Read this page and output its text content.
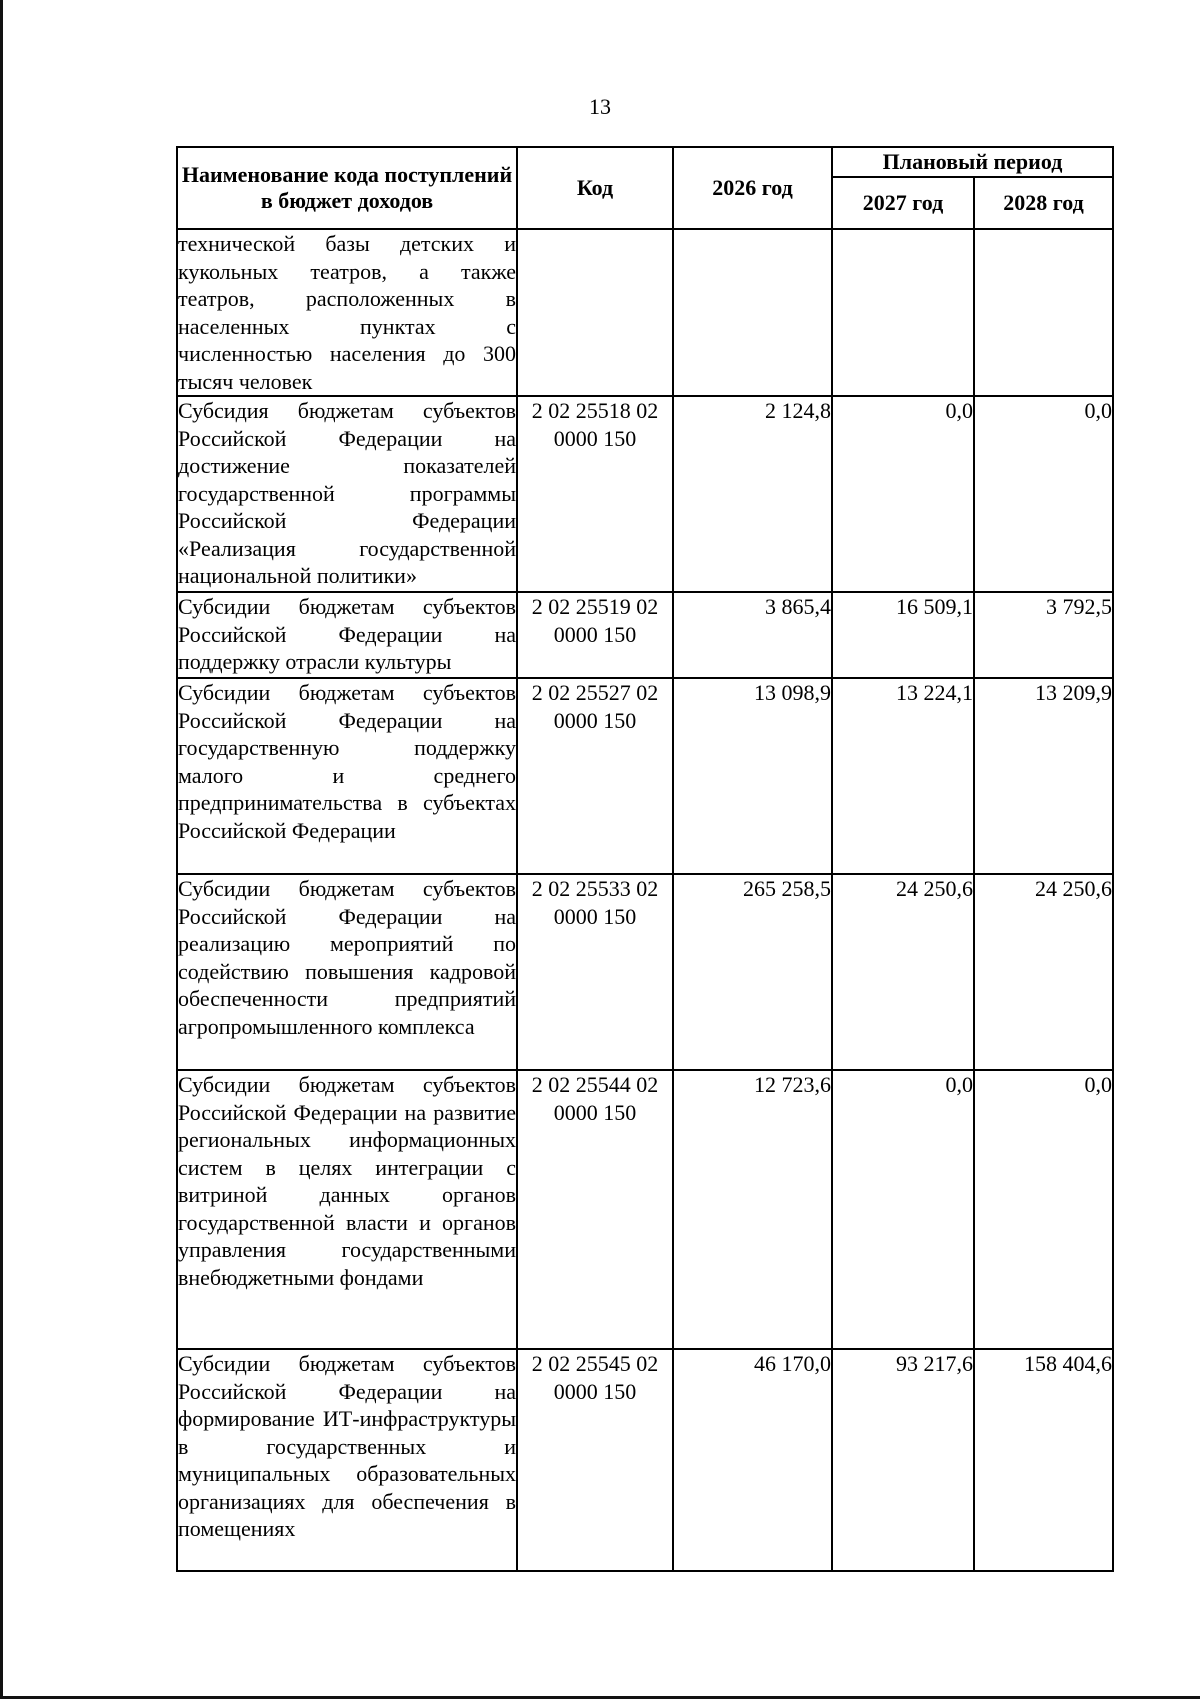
13
Наименование кода поступлений в бюджет доходов	Код	2026 год	Плановый период	
			2027 год	2028 год
технической базы детских и кукольных театров, а также театров, расположенных в населенных пунктах с численностью населения до 300 тысяч человек				
Субсидия бюджетам субъектов Российской Федерации на достижение показателей государственной программы Российской Федерации «Реализация государственной национальной политики»	2 02 25518 02 0000 150	2 124,8	0,0	0,0
Субсидии бюджетам субъектов Российской Федерации на поддержку отрасли культуры	2 02 25519 02 0000 150	3 865,4	16 509,1	3 792,5
Субсидии бюджетам субъектов Российской Федерации на государственную поддержку малого и среднего предпринимательства в субъектах Российской Федерации	2 02 25527 02 0000 150	13 098,9	13 224,1	13 209,9
Субсидии бюджетам субъектов Российской Федерации на реализацию мероприятий по содействию повышения кадровой обеспеченности предприятий агропромышленного комплекса	2 02 25533 02 0000 150	265 258,5	24 250,6	24 250,6
Субсидии бюджетам субъектов Российской Федерации на развитие региональных информационных систем в целях интеграции с витриной данных органов государственной власти и органов управления государственными внебюджетными фондами	2 02 25544 02 0000 150	12 723,6	0,0	0,0
Субсидии бюджетам субъектов Российской Федерации на формирование ИТ-инфраструктуры в государственных и муниципальных образовательных организациях для обеспечения в помещениях	2 02 25545 02 0000 150	46 170,0	93 217,6	158 404,6
